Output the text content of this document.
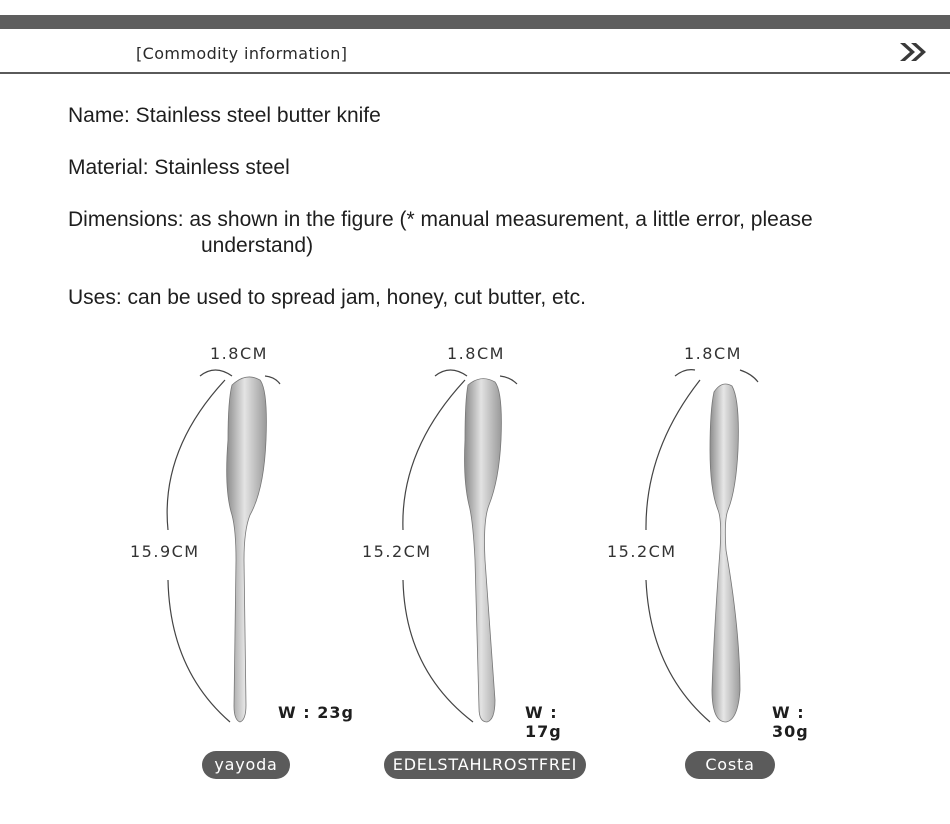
[Commodity information]
Name: Stainless steel butter knife
Material: Stainless steel
Dimensions: as shown in the figure (* manual measurement, a little error, please
understand)
Uses: can be used to spread jam, honey, cut butter, etc.
1.8CM
15.9CM
W : 23g
yayoda
1.8CM
15.2CM
W : 17g
EDELSTAHLROSTFREI
1.8CM
15.2CM
W : 30g
Costa
